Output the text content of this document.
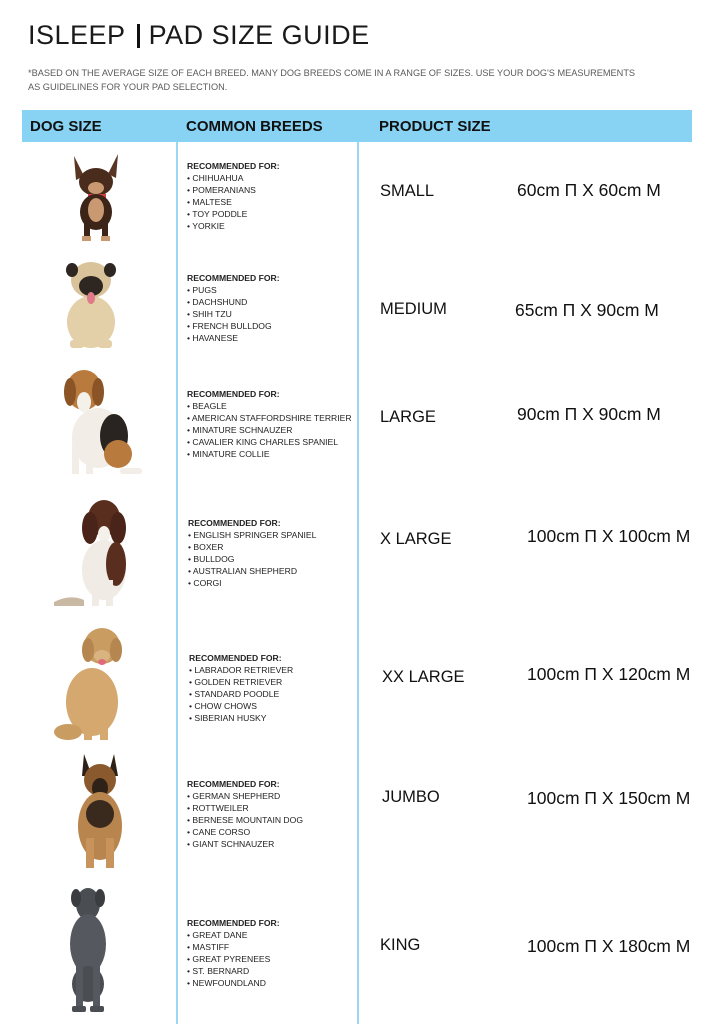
ISLEEP PAD SIZE GUIDE
*BASED ON THE AVERAGE SIZE OF EACH BREED. MANY DOG BREEDS COME IN A RANGE OF SIZES. USE YOUR DOG'S MEASUREMENTS
AS GUIDELINES FOR YOUR PAD SELECTION.
DOG SIZE	COMMON BREEDS	PRODUCT SIZE
RECOMMENDED FOR:
• CHIHUAHUA
• POMERANIANS
• MALTESE
• TOY PODDLE
• YORKIE
SMALL	60cm П X 60cm М
RECOMMENDED FOR:
• PUGS
• DACHSHUND
• SHIH TZU
• FRENCH BULLDOG
• HAVANESE
MEDIUM	65cm П X 90cm М
RECOMMENDED FOR:
• BEAGLE
• AMERICAN STAFFORDSHIRE TERRIER
• MINATURE SCHNAUZER
• CAVALIER KING CHARLES SPANIEL
• MINATURE COLLIE
LARGE	90cm П X 90cm М
RECOMMENDED FOR:
• ENGLISH SPRINGER SPANIEL
• BOXER
• BULLDOG
• AUSTRALIAN SHEPHERD
• CORGI
X LARGE	100cm П X 100cm М
RECOMMENDED FOR:
• LABRADOR RETRIEVER
• GOLDEN RETRIEVER
• STANDARD POODLE
• CHOW CHOWS
• SIBERIAN HUSKY
XX LARGE	100cm П X 120cm М
RECOMMENDED FOR:
• GERMAN SHEPHERD
• ROTTWEILER
• BERNESE MOUNTAIN DOG
• CANE CORSO
• GIANT SCHNAUZER
JUMBO	100cm П X 150cm М
RECOMMENDED FOR:
• GREAT DANE
• MASTIFF
• GREAT PYRENEES
• ST. BERNARD
• NEWFOUNDLAND
KING	100cm П X 180cm М
